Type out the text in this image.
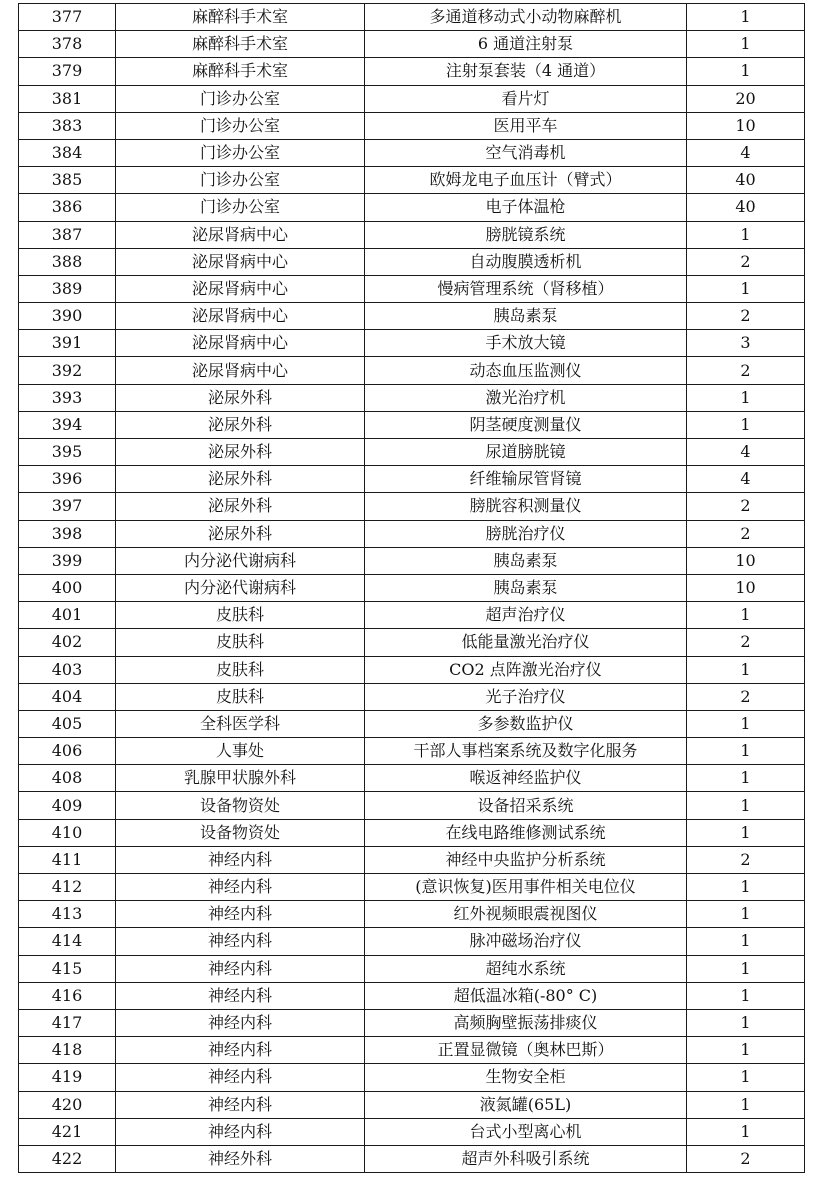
377	麻醉科手术室	多通道移动式小动物麻醉机	1
378	麻醉科手术室	6 通道注射泵	1
379	麻醉科手术室	注射泵套装（4 通道）	1
381	门诊办公室	看片灯	20
383	门诊办公室	医用平车	10
384	门诊办公室	空气消毒机	4
385	门诊办公室	欧姆龙电子血压计（臂式）	40
386	门诊办公室	电子体温枪	40
387	泌尿肾病中心	膀胱镜系统	1
388	泌尿肾病中心	自动腹膜透析机	2
389	泌尿肾病中心	慢病管理系统（肾移植）	1
390	泌尿肾病中心	胰岛素泵	2
391	泌尿肾病中心	手术放大镜	3
392	泌尿肾病中心	动态血压监测仪	2
393	泌尿外科	激光治疗机	1
394	泌尿外科	阴茎硬度测量仪	1
395	泌尿外科	尿道膀胱镜	4
396	泌尿外科	纤维输尿管肾镜	4
397	泌尿外科	膀胱容积测量仪	2
398	泌尿外科	膀胱治疗仪	2
399	内分泌代谢病科	胰岛素泵	10
400	内分泌代谢病科	胰岛素泵	10
401	皮肤科	超声治疗仪	1
402	皮肤科	低能量激光治疗仪	2
403	皮肤科	CO2 点阵激光治疗仪	1
404	皮肤科	光子治疗仪	2
405	全科医学科	多参数监护仪	1
406	人事处	干部人事档案系统及数字化服务	1
408	乳腺甲状腺外科	喉返神经监护仪	1
409	设备物资处	设备招采系统	1
410	设备物资处	在线电路维修测试系统	1
411	神经内科	神经中央监护分析系统	2
412	神经内科	(意识恢复)医用事件相关电位仪	1
413	神经内科	红外视频眼震视图仪	1
414	神经内科	脉冲磁场治疗仪	1
415	神经内科	超纯水系统	1
416	神经内科	超低温冰箱(-80° C)	1
417	神经内科	高频胸壁振荡排痰仪	1
418	神经内科	正置显微镜（奥林巴斯）	1
419	神经内科	生物安全柜	1
420	神经内科	液氮罐(65L)	1
421	神经内科	台式小型离心机	1
422	神经外科	超声外科吸引系统	2
